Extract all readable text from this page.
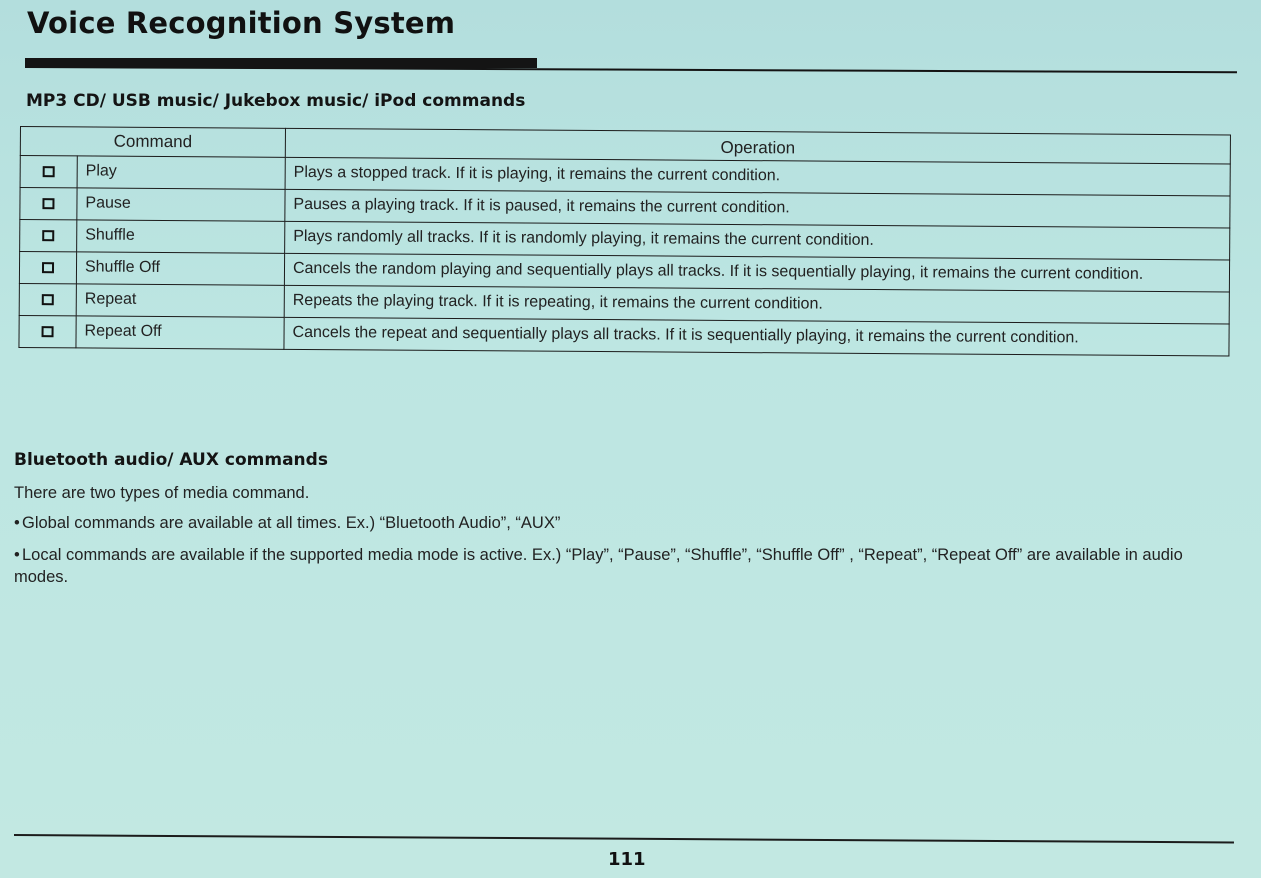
Voice Recognition System
MP3 CD/ USB music/ Jukebox music/ iPod commands
Command		Operation
	Play	Plays a stopped track. If it is playing, it remains the current condition.
	Pause	Pauses a playing track. If it is paused, it remains the current condition.
	Shuffle	Plays randomly all tracks. If it is randomly playing, it remains the current condition.
	Shuffle Off	Cancels the random playing and sequentially plays all tracks. If it is sequentially playing, it remains the current condition.
	Repeat	Repeats the playing track. If it is repeating, it remains the current condition.
	Repeat Off	Cancels the repeat and sequentially plays all tracks. If it is sequentially playing, it remains the current condition.
Bluetooth audio/ AUX commands
There are two types of media command.
• Global commands are available at all times. Ex.) “Bluetooth Audio”, “AUX”
• Local commands are available if the supported media mode is active. Ex.) “Play”, “Pause”, “Shuffle”, “Shuffle Off” , “Repeat”, “Repeat Off” are available in audio modes.
111
